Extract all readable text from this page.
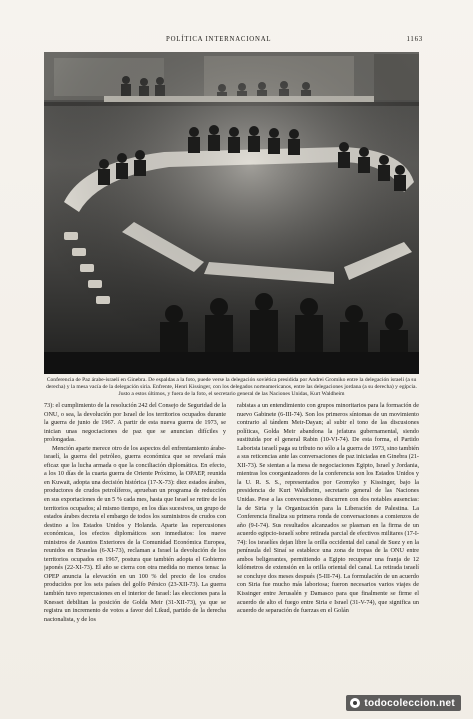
POLÍTICA INTERNACIONAL	1163
Conferencia de Paz árabe-israelí en Ginebra. De espaldas a la foto, puede verse la delegación soviética presidida por Andrei Gromiko entre la delegación israelí (a su derecha) y la mesa vacía de la delegación siria. Enfrente, Henri Kissinger, con los delegados norteamericanos, entre las delegaciones jordana (a su derecha) y egipcia. Justo a estos últimos, y fuera de la foto, el secretario general de las Naciones Unidas, Kurt Waldheim

73): el cumplimiento de la resolución 242 del Consejo de Seguridad de la ONU, o sea, la devolución por Israel de los territorios ocupados durante la guerra de junio de 1967. A partir de esta nueva guerra de 1973, se inician unas negociaciones de paz que se anuncian difíciles y prolongadas.

Mención aparte merece otro de los aspectos del enfrentamiento árabe-israelí, la guerra del petróleo, guerra económica que se revelará más eficaz que la lucha armada o que la conciliación diplomática. En efecto, a los 10 días de la cuarta guerra de Oriente Próximo, la OPAEP, reunida en Kuwait, adopta una decisión histórica (17-X-73): diez estados árabes, productores de crudos petrolíferos, aprueban un programa de reducción en sus exportaciones de un 5 % cada mes, hasta que Israel se retire de los territorios ocupados; al mismo tiempo, en los días sucesivos, un grupo de estados árabes decreta el embargo de todos los suministros de crudos con destino a los Estados Unidos y Holanda. Aparte las repercusiones económicas, los efectos diplomáticos son inmediatos: los nueve ministros de Asuntos Exteriores de la Comunidad Económica Europea, reunidos en Bruselas (6-XI-73), reclaman a Israel la devolución de los territorios ocupados en 1967, postura que también adopta el Gobierno japonés (22-XI-73). El año se cierra con otra medida no menos tensa: la OPEP anuncia la elevación en un 100 % del precio de los crudos producidos por los seis países del golfo Pérsico (23-XII-73). La guerra también tuvo repercusiones en el interior de Israel: las elecciones para la Knesset debilitan la posición de Golda Meir (31-XII-73), ya que se registra un incremento de votos a favor del Likud, partido de la derecha nacionalista, y de los

rabistas a un entendimiento con grupos minoritarios para la formación de nuevo Gabinete (6-III-74). Son los primeros síntomas de un movimiento contrario al tándem Meir-Dayan; al subir el tono de las discusiones políticas, Golda Meir abandona la jefatura gubernamental, siendo sustituida por el general Rabin (10-VI-74). De esta forma, el Partido Laborista israelí paga su tributo no sólo a la guerra de 1973, sino también a sus reticencias ante las conversaciones de paz iniciadas en Ginebra (21-XII-73). Se sientan a la mesa de negociaciones Egipto, Israel y Jordania, mientras los coorganizadores de la conferencia son los Estados Unidos y la U. R. S. S., representados por Gromyko y Kissinger, bajo la presidencia de Kurt Waldheim, secretario general de las Naciones Unidas. Pese a las conversaciones discurren con dos notables ausencias: la de Siria y la Organización para la Liberación de Palestina. La Conferencia finaliza su primera ronda de conversaciones a comienzos de año (9-I-74). Sus resultados alcanzados se plasman en la firma de un acuerdo egipcio-israelí sobre retirada parcial de efectivos militares (17-I-74): los israelíes dejan libre la orilla occidental del canal de Suez y en la península del Sinaí se establece una zona de tropas de la ONU entre ambos beligerantes, permitiendo a Egipto recuperar una franja de 12 kilómetros de extensión en la orilla oriental del canal. La retirada israelí se concluye dos meses después (5-III-74). La formulación de un acuerdo con Siria fue mucho más laboriosa; fueron necesarios varios viajes de Kissinger entre Jerusalén y Damasco para que finalmente se firme el acuerdo de alto el fuego entre Siria e Israel (31-V-74), que significa un acuerdo de separación de fuerzas en el Golán

todocoleccion.net
